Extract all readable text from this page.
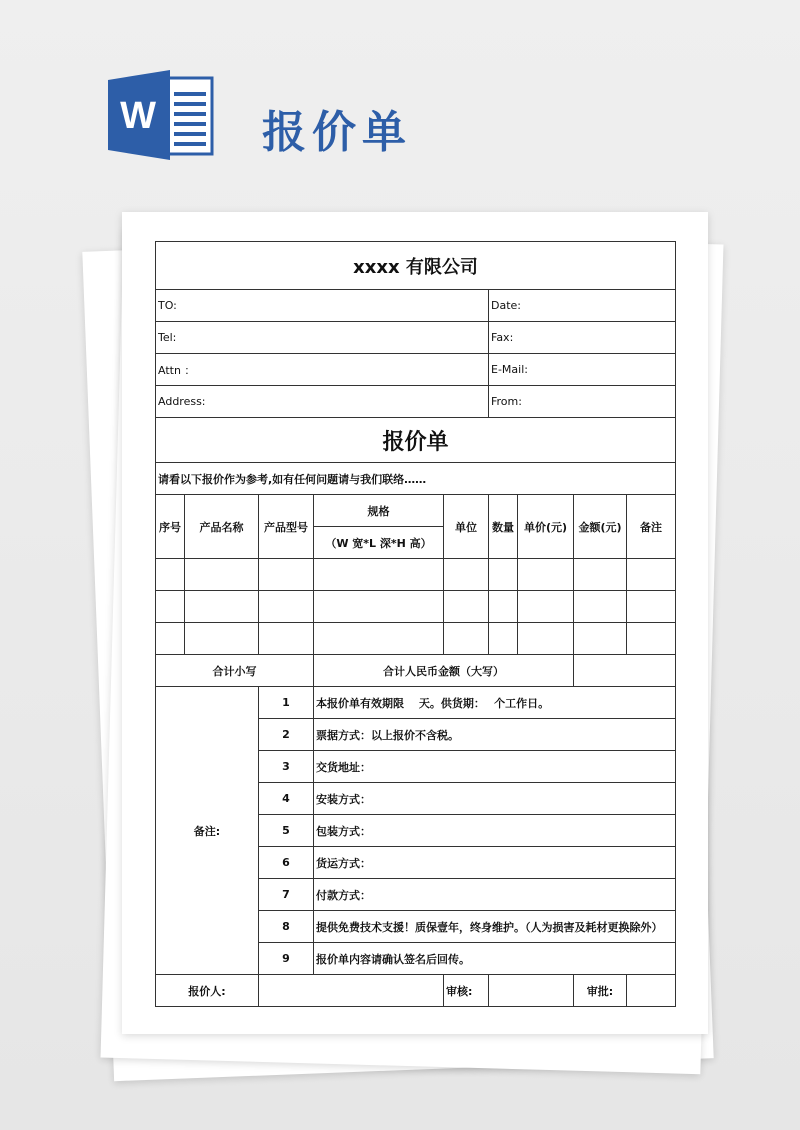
W 报价单
xxxx 有限公司								
TO:					Date:			
Tel:					Fax:			
Attn ：					E-Mail:			
Address:					From:			
报价单								
请看以下报价作为参考,如有任何问题请与我们联络……								
序号	产品名称	产品型号	规格	单位	数量	单价(元)	金额(元)	备注
			（W 宽*L 深*H 高）					

合计小写			合计人民币金额（大写）					
备注:		1	本报价单有效期限　 天。供货期：　 个工作日。					
		2	票据方式：以上报价不含税。					
		3	交货地址：					
		4	安装方式：					
		5	包装方式：					
		6	货运方式：					
		7	付款方式：					
		8	提供免费技术支援！质保壹年，终身维护。（人为损害及耗材更换除外）					
		9	报价单内容请确认签名后回传。					
报价人:				审核:			审批:	
